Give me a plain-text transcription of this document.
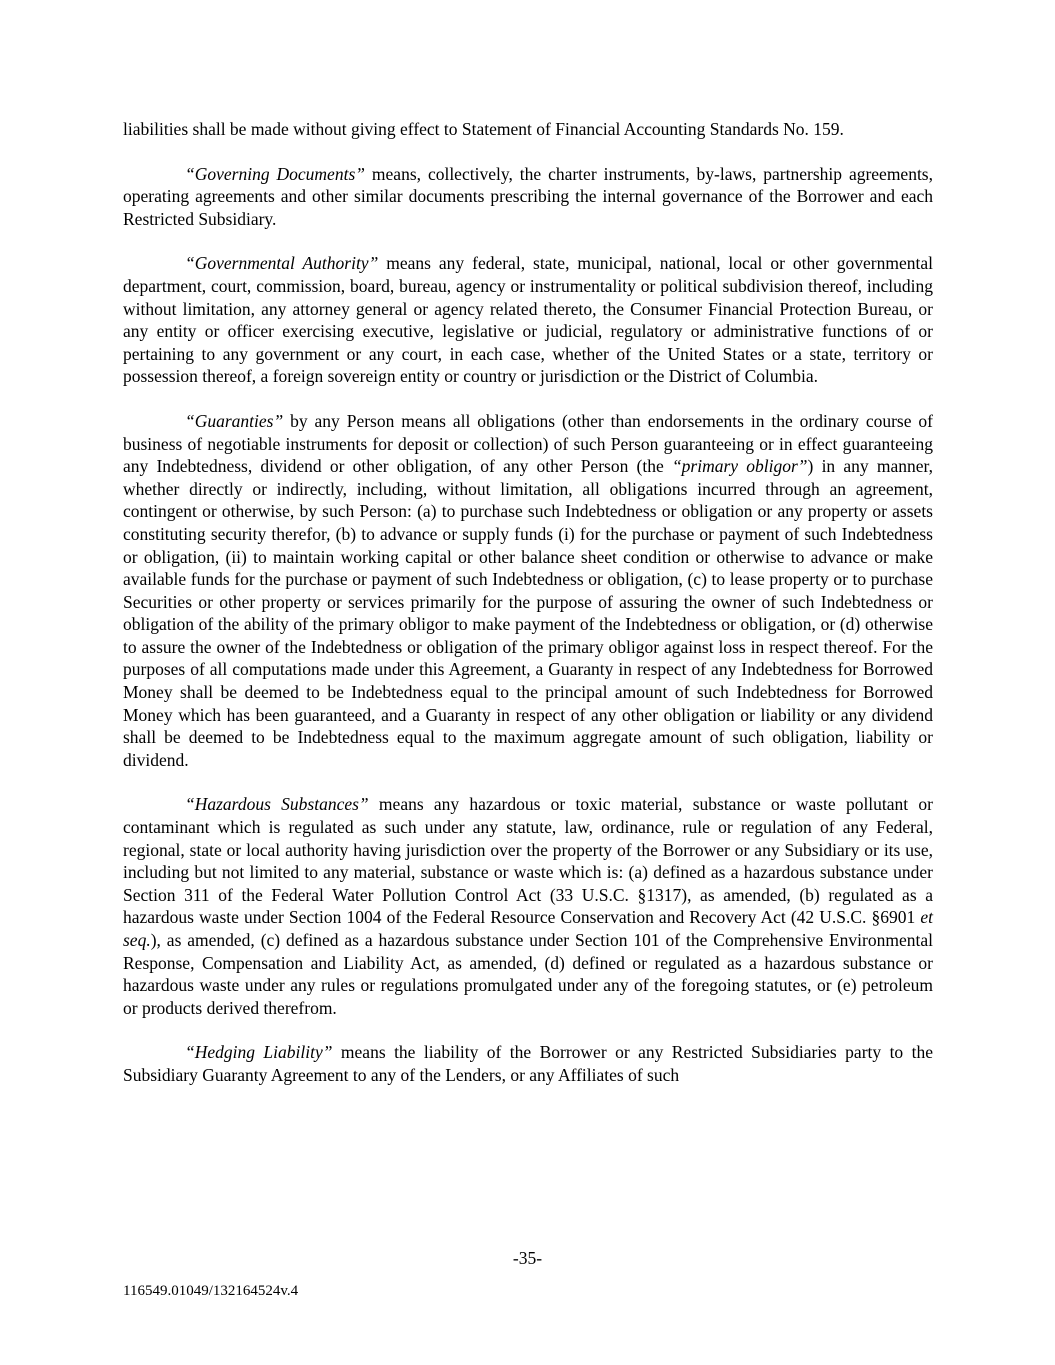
liabilities shall be made without giving effect to Statement of Financial Accounting Standards No. 159.

“Governing Documents” means, collectively, the charter instruments, by-laws, partnership agreements, operating agreements and other similar documents prescribing the internal governance of the Borrower and each Restricted Subsidiary.

“Governmental Authority” means any federal, state, municipal, national, local or other governmental department, court, commission, board, bureau, agency or instrumentality or political subdivision thereof, including without limitation, any attorney general or agency related thereto, the Consumer Financial Protection Bureau, or any entity or officer exercising executive, legislative or judicial, regulatory or administrative functions of or pertaining to any government or any court, in each case, whether of the United States or a state, territory or possession thereof, a foreign sovereign entity or country or jurisdiction or the District of Columbia.

“Guaranties” by any Person means all obligations (other than endorsements in the ordinary course of business of negotiable instruments for deposit or collection) of such Person guaranteeing or in effect guaranteeing any Indebtedness, dividend or other obligation, of any other Person (the “primary obligor”) in any manner, whether directly or indirectly, including, without limitation, all obligations incurred through an agreement, contingent or otherwise, by such Person: (a) to purchase such Indebtedness or obligation or any property or assets constituting security therefor, (b) to advance or supply funds (i) for the purchase or payment of such Indebtedness or obligation, (ii) to maintain working capital or other balance sheet condition or otherwise to advance or make available funds for the purchase or payment of such Indebtedness or obligation, (c) to lease property or to purchase Securities or other property or services primarily for the purpose of assuring the owner of such Indebtedness or obligation of the ability of the primary obligor to make payment of the Indebtedness or obligation, or (d) otherwise to assure the owner of the Indebtedness or obligation of the primary obligor against loss in respect thereof. For the purposes of all computations made under this Agreement, a Guaranty in respect of any Indebtedness for Borrowed Money shall be deemed to be Indebtedness equal to the principal amount of such Indebtedness for Borrowed Money which has been guaranteed, and a Guaranty in respect of any other obligation or liability or any dividend shall be deemed to be Indebtedness equal to the maximum aggregate amount of such obligation, liability or dividend.

“Hazardous Substances” means any hazardous or toxic material, substance or waste pollutant or contaminant which is regulated as such under any statute, law, ordinance, rule or regulation of any Federal, regional, state or local authority having jurisdiction over the property of the Borrower or any Subsidiary or its use, including but not limited to any material, substance or waste which is: (a) defined as a hazardous substance under Section 311 of the Federal Water Pollution Control Act (33 U.S.C. §1317), as amended, (b) regulated as a hazardous waste under Section 1004 of the Federal Resource Conservation and Recovery Act (42 U.S.C. §6901 et seq.), as amended, (c) defined as a hazardous substance under Section 101 of the Comprehensive Environmental Response, Compensation and Liability Act, as amended, (d) defined or regulated as a hazardous substance or hazardous waste under any rules or regulations promulgated under any of the foregoing statutes, or (e) petroleum or products derived therefrom.

“Hedging Liability” means the liability of the Borrower or any Restricted Subsidiaries party to the Subsidiary Guaranty Agreement to any of the Lenders, or any Affiliates of such

-35-
116549.01049/132164524v.4
